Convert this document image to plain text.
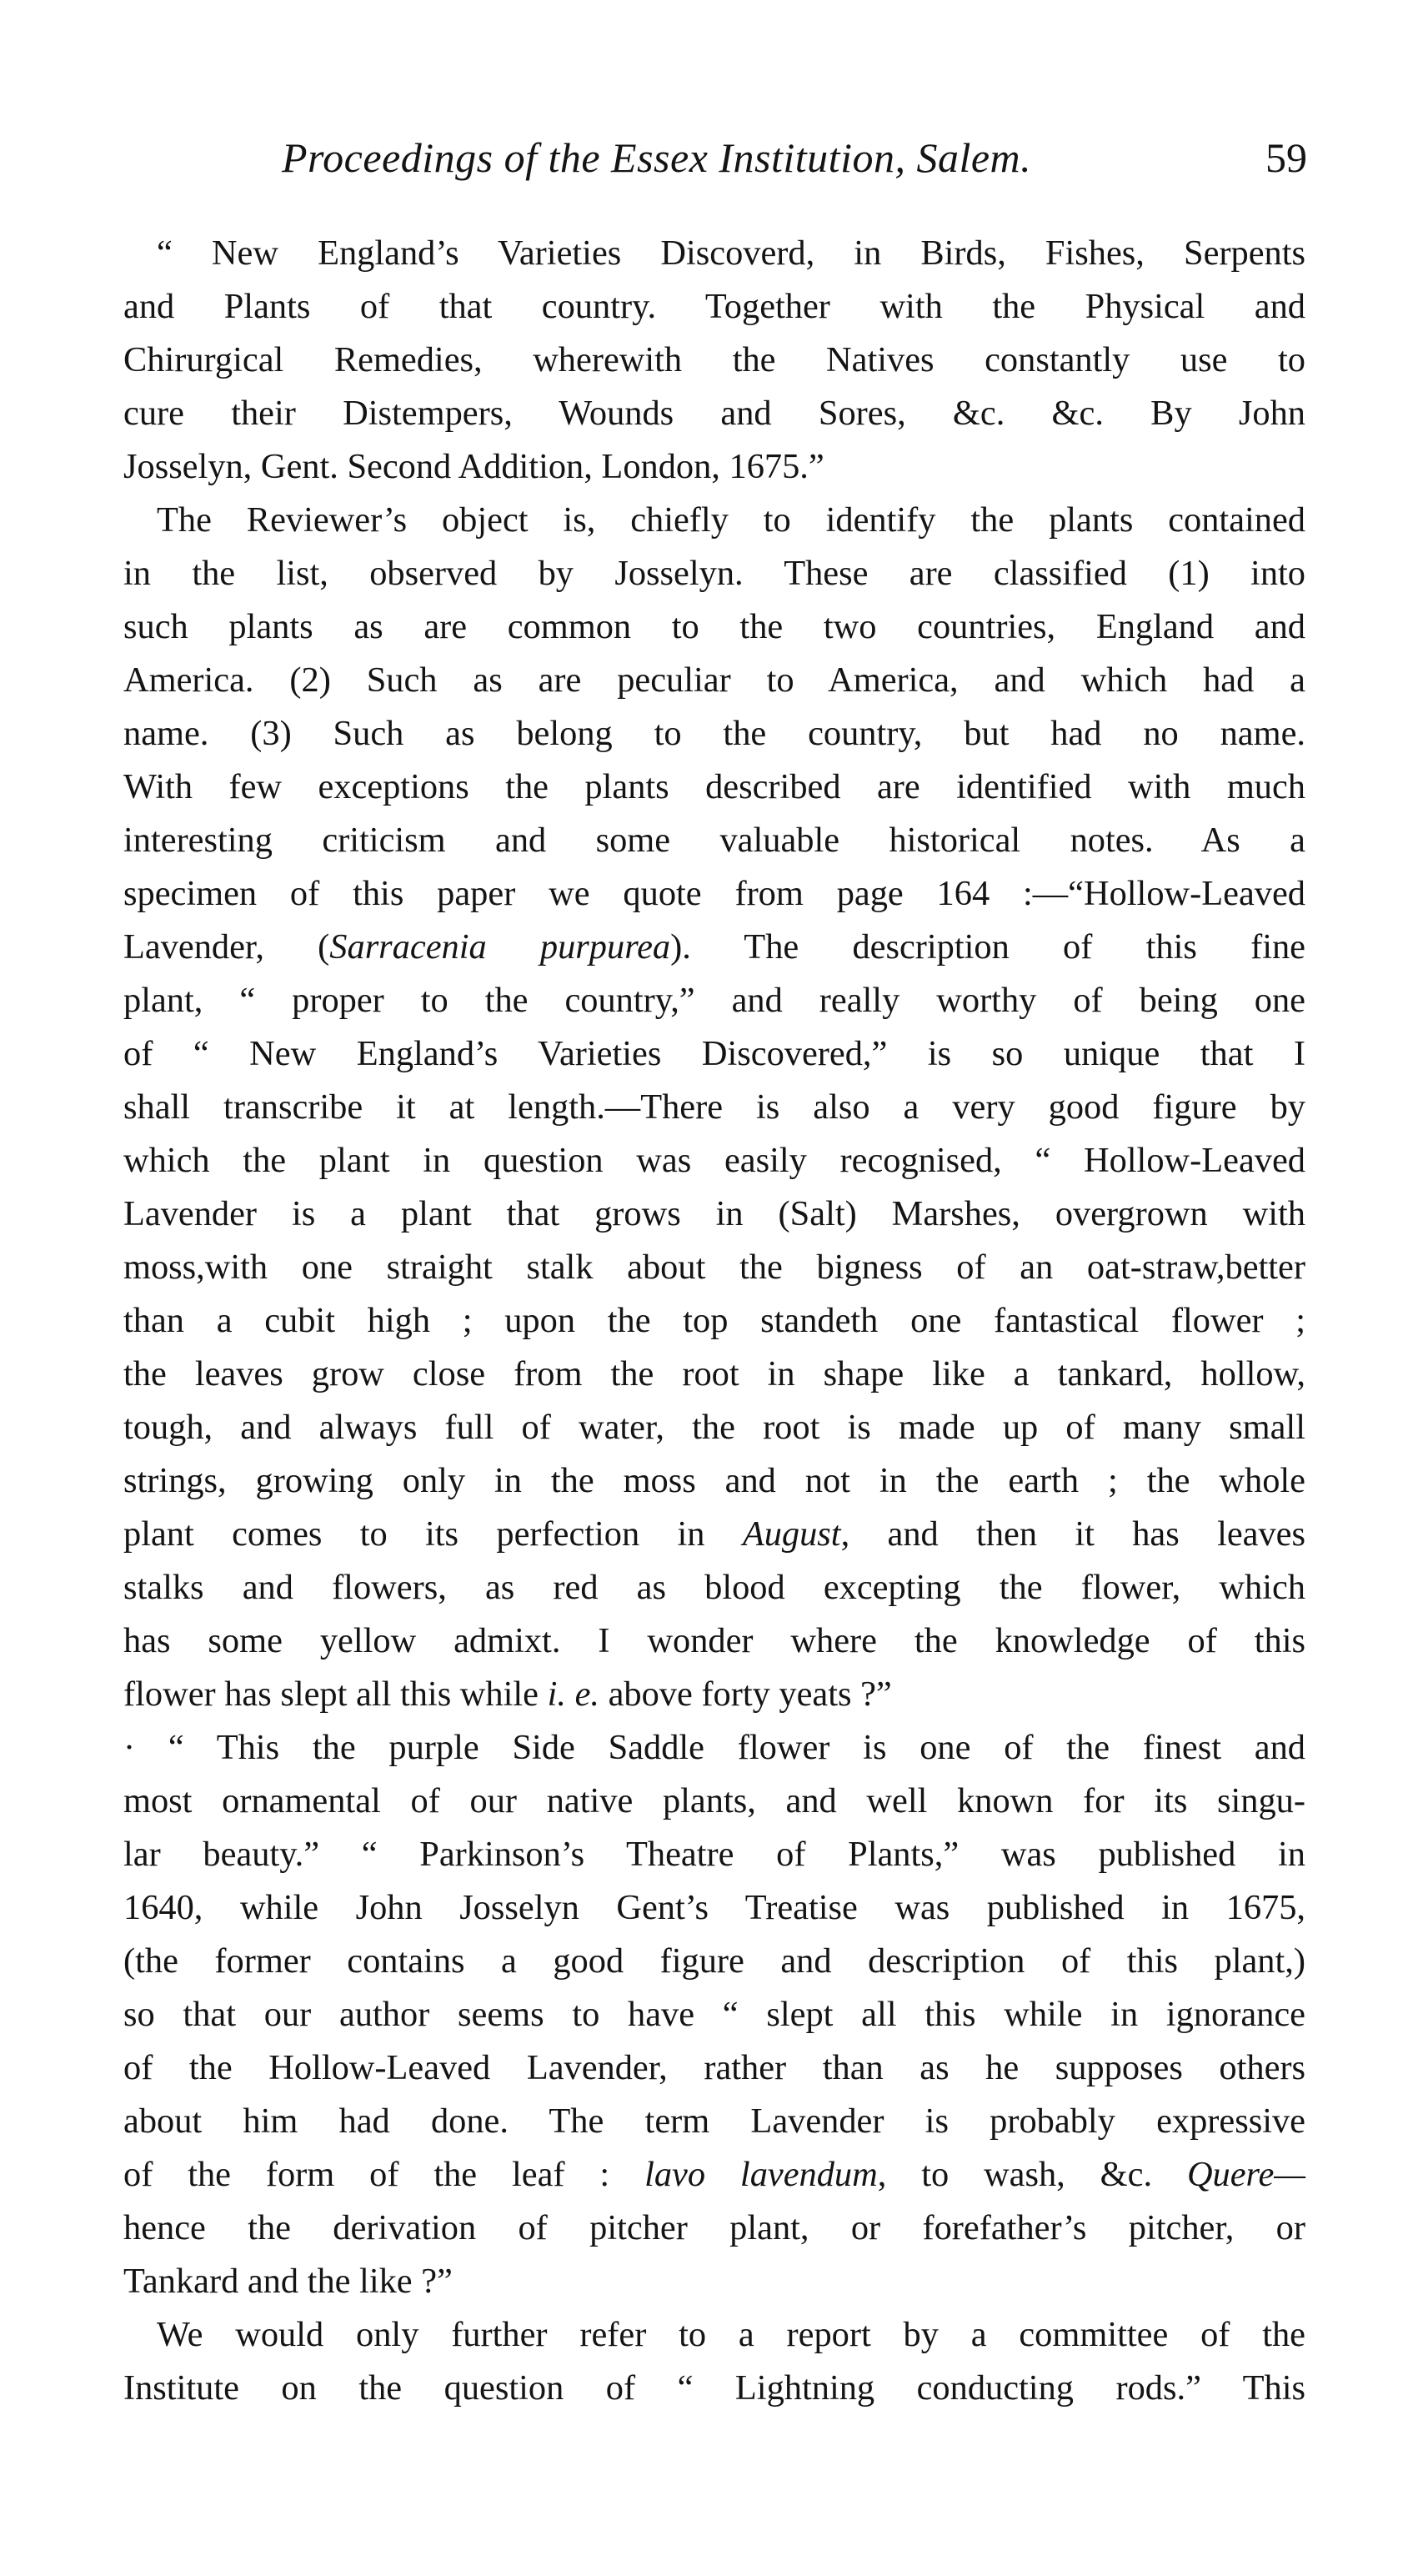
Proceedings of the Essex Institution, Salem.	59

“ New England’s Varieties Discoverd, in Birds, Fishes, Serpents
and Plants of that country. Together with the Physical and
Chirurgical Remedies, wherewith the Natives constantly use to
cure their Distempers, Wounds and Sores, &c. &c. By John
Josselyn, Gent. Second Addition, London, 1675.”

The Reviewer’s object is, chiefly to identify the plants contained
in the list, observed by Josselyn. These are classified (1) into
such plants as are common to the two countries, England and
America. (2) Such as are peculiar to America, and which had a
name. (3) Such as belong to the country, but had no name.
With few exceptions the plants described are identified with much
interesting criticism and some valuable historical notes. As a
specimen of this paper we quote from page 164 :—“Hollow-Leaved
Lavender, (Sarracenia purpurea). The description of this fine
plant, “ proper to the country,” and really worthy of being one
of “ New England’s Varieties Discovered,” is so unique that I
shall transcribe it at length.—There is also a very good figure by
which the plant in question was easily recognised, “ Hollow-Leaved
Lavender is a plant that grows in (Salt) Marshes, overgrown with
moss,with one straight stalk about the bigness of an oat-straw,better
than a cubit high ; upon the top standeth one fantastical flower ;
the leaves grow close from the root in shape like a tankard, hollow,
tough, and always full of water, the root is made up of many small
strings, growing only in the moss and not in the earth ; the whole
plant comes to its perfection in August, and then it has leaves
stalks and flowers, as red as blood excepting the flower, which
has some yellow admixt. I wonder where the knowledge of this
flower has slept all this while i. e. above forty yeats ?”

· “ This the purple Side Saddle flower is one of the finest and
most ornamental of our native plants, and well known for its singu-
lar beauty.” “ Parkinson’s Theatre of Plants,” was published in
1640, while John Josselyn Gent’s Treatise was published in 1675,
(the former contains a good figure and description of this plant,)
so that our author seems to have “ slept all this while in ignorance
of the Hollow-Leaved Lavender, rather than as he supposes others
about him had done. The term Lavender is probably expressive
of the form of the leaf : lavo lavendum, to wash, &c. Quere—
hence the derivation of pitcher plant, or forefather’s pitcher, or
Tankard and the like ?”

We would only further refer to a report by a committee of the
Institute on the question of “ Lightning conducting rods.” This
